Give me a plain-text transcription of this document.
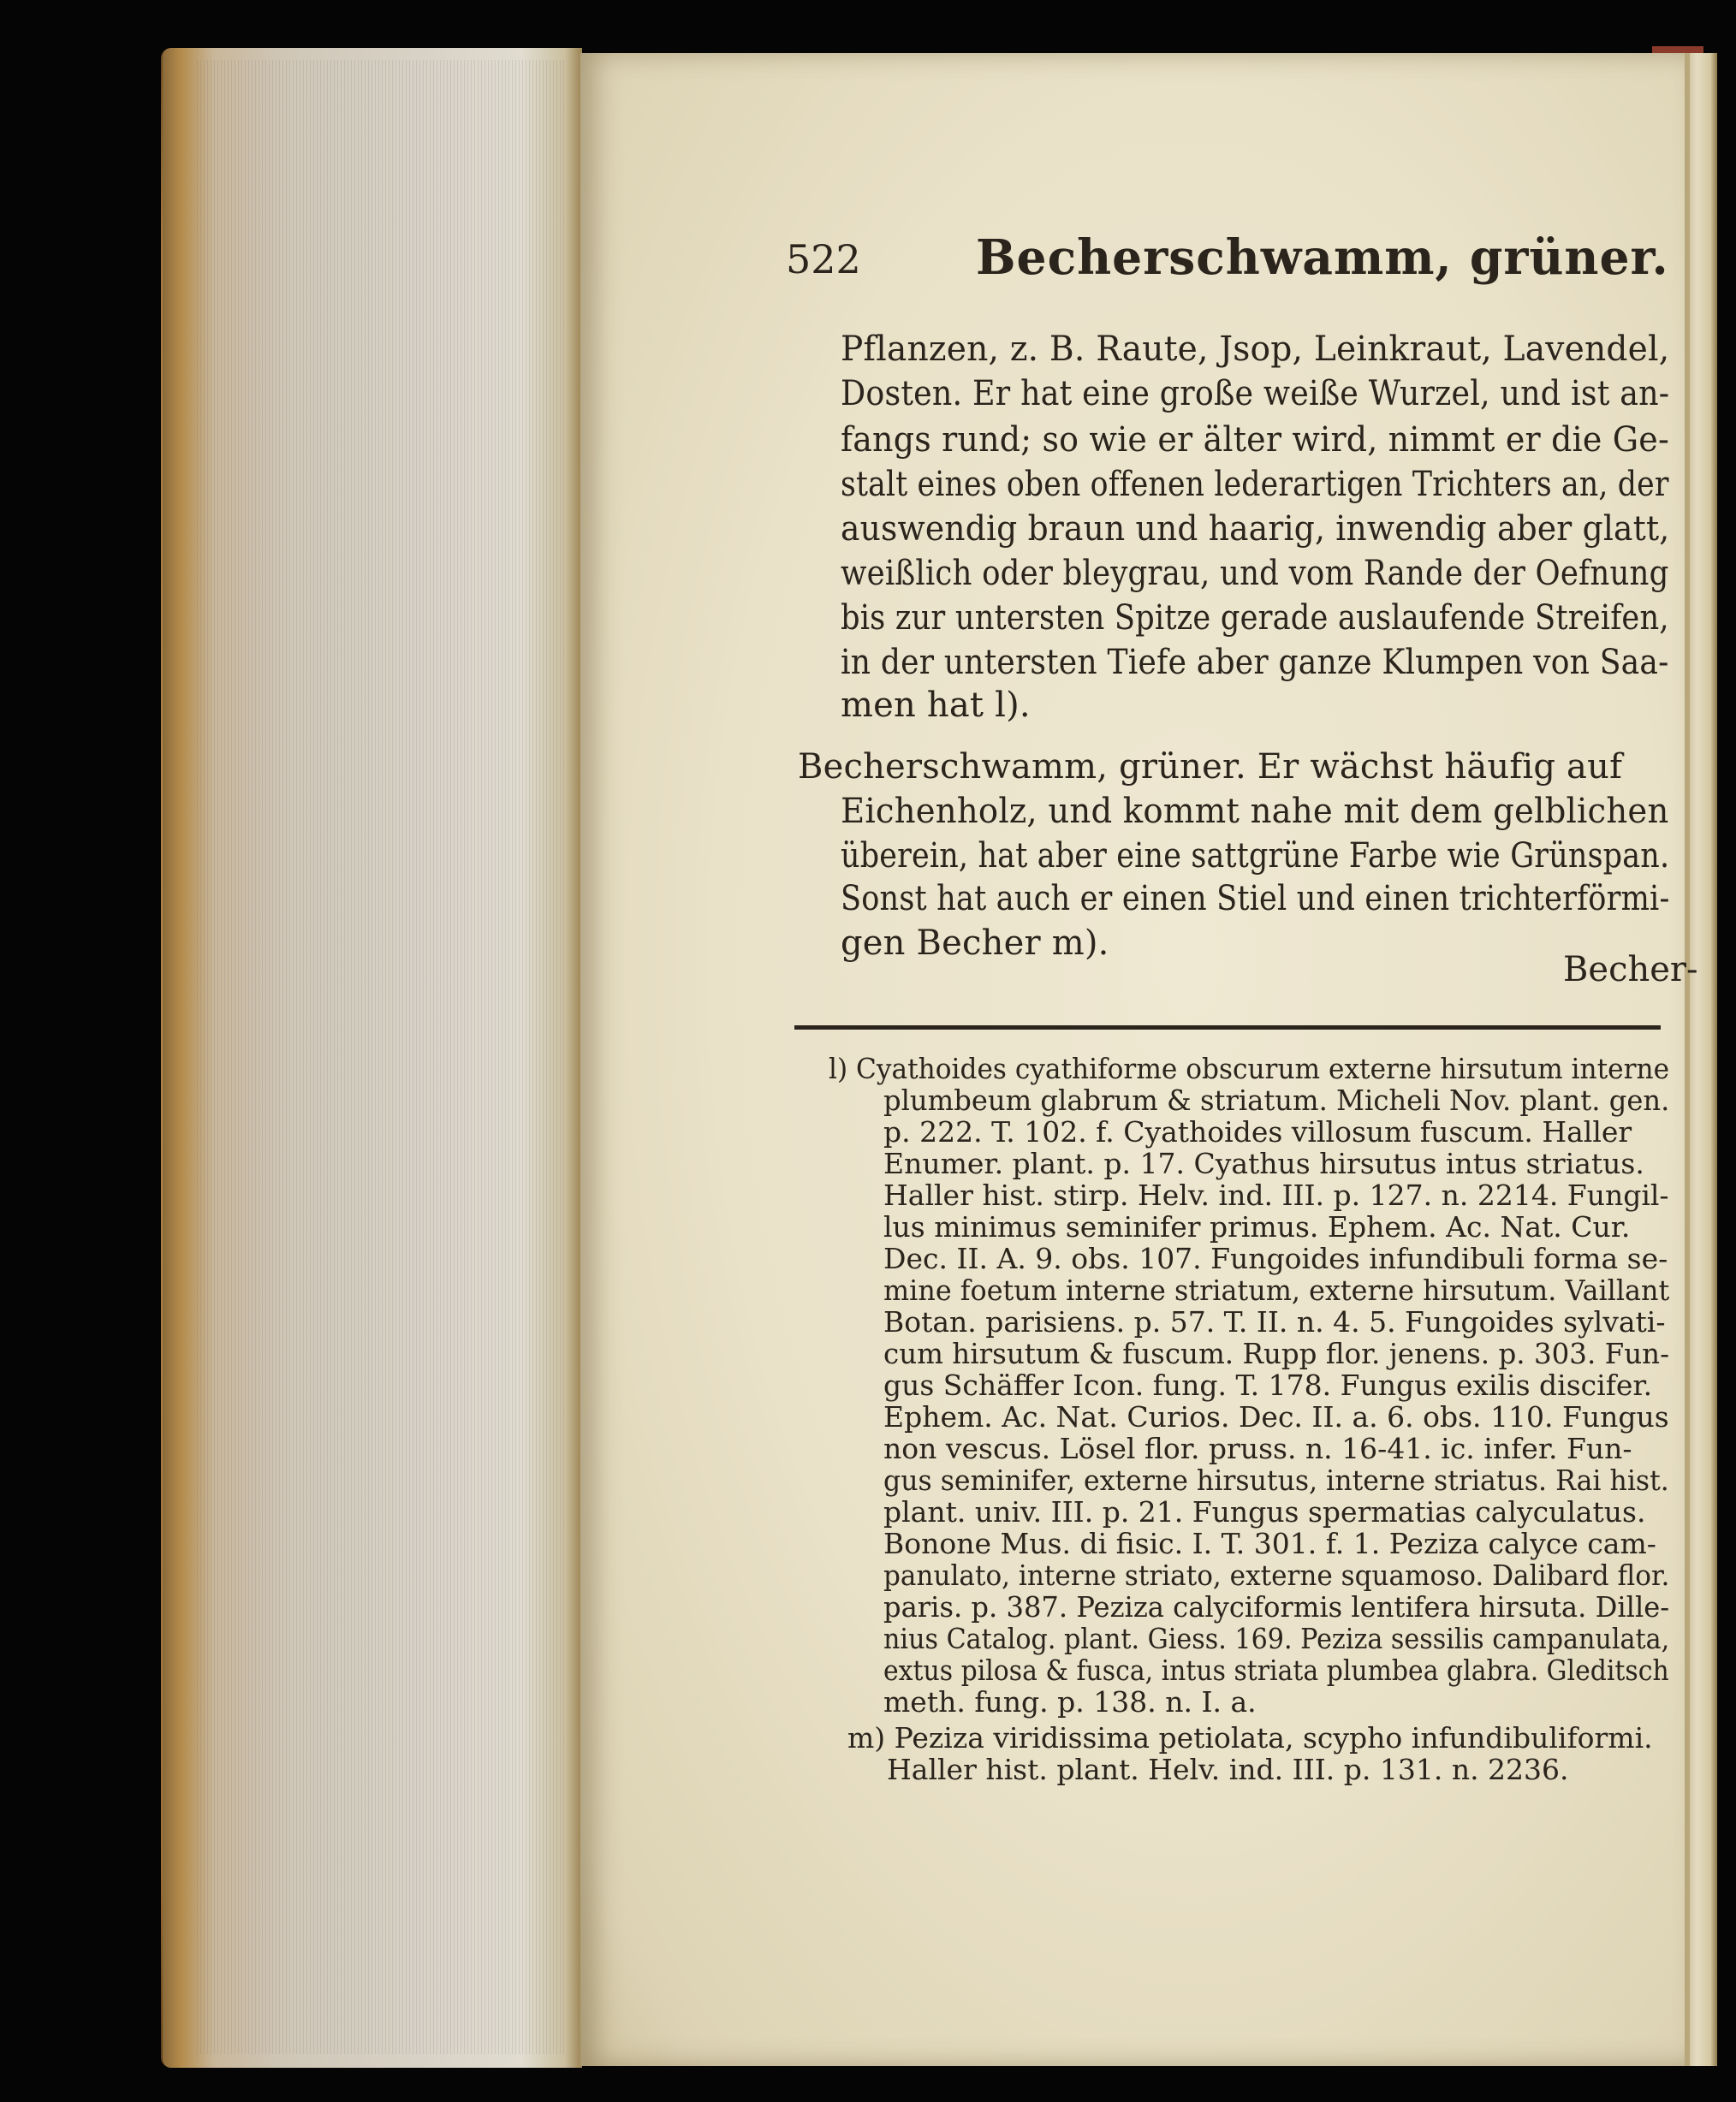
522 Becherschwamm, grüner.
Pflanzen, z. B. Raute, Jsop, Leinkraut, Lavendel,
Dosten. Er hat eine große weiße Wurzel, und ist an-
fangs rund; so wie er älter wird, nimmt er die Ge-
stalt eines oben offenen lederartigen Trichters an, der
auswendig braun und haarig, inwendig aber glatt,
weißlich oder bleygrau, und vom Rande der Oefnung
bis zur untersten Spitze gerade auslaufende Streifen,
in der untersten Tiefe aber ganze Klumpen von Saa-
men hat l).
Becherschwamm, grüner. Er wächst häufig auf
Eichenholz, und kommt nahe mit dem gelblichen
überein, hat aber eine sattgrüne Farbe wie Grünspan.
Sonst hat auch er einen Stiel und einen trichterförmi-
gen Becher m).
Becher-
l) Cyathoides cyathiforme obscurum externe hirsutum interne
plumbeum glabrum & striatum. Micheli Nov. plant. gen.
p. 222. T. 102. f. Cyathoides villosum fuscum. Haller
Enumer. plant. p. 17. Cyathus hirsutus intus striatus.
Haller hist. stirp. Helv. ind. III. p. 127. n. 2214. Fungil-
lus minimus seminifer primus. Ephem. Ac. Nat. Cur.
Dec. II. A. 9. obs. 107. Fungoides infundibuli forma se-
mine foetum interne striatum, externe hirsutum. Vaillant
Botan. parisiens. p. 57. T. II. n. 4. 5. Fungoides sylvati-
cum hirsutum & fuscum. Rupp flor. jenens. p. 303. Fun-
gus Schäffer Icon. fung. T. 178. Fungus exilis discifer.
Ephem. Ac. Nat. Curios. Dec. II. a. 6. obs. 110. Fungus
non vescus. Lösel flor. pruss. n. 16-41. ic. infer. Fun-
gus seminifer, externe hirsutus, interne striatus. Rai hist.
plant. univ. III. p. 21. Fungus spermatias calyculatus.
Bonone Mus. di fisic. I. T. 301. f. 1. Peziza calyce cam-
panulato, interne striato, externe squamoso. Dalibard flor.
paris. p. 387. Peziza calyciformis lentifera hirsuta. Dille-
nius Catalog. plant. Giess. 169. Peziza sessilis campanulata,
extus pilosa & fusca, intus striata plumbea glabra. Gleditsch
meth. fung. p. 138. n. I. a.
m) Peziza viridissima petiolata, scypho infundibuliformi.
Haller hist. plant. Helv. ind. III. p. 131. n. 2236.
